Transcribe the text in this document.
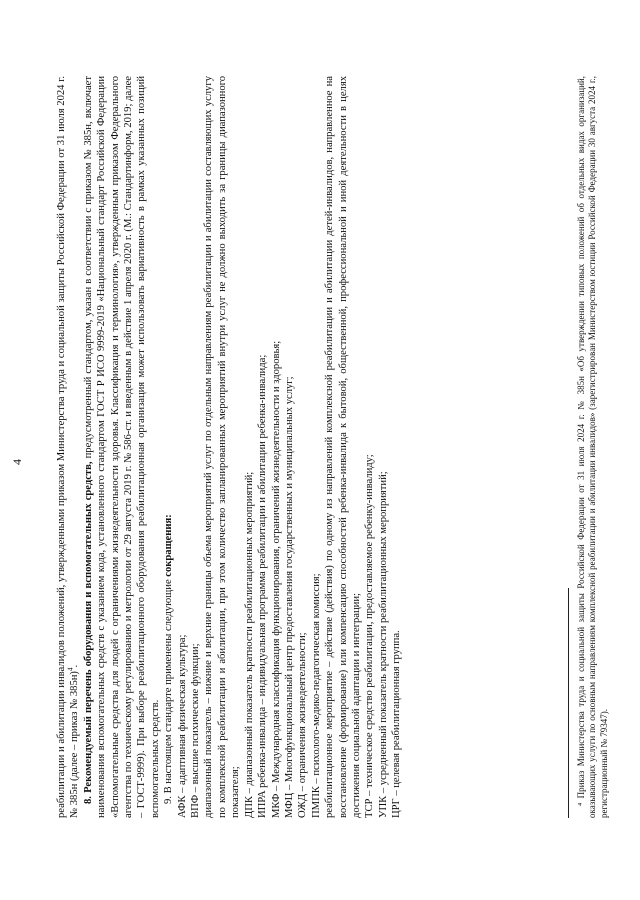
4	реабилитации и абилитации инвалидов положений, утвержденными приказом Министерства труда и социальной защиты Российской Федерации от 31 июля 2024 г. № 385н (далее – приказ № 385н)$^4$. 8. Рекомендуемый перечень оборудования и вспомогательных средств, предусмотренный стандартом, указан в соответствии с приказом № 385н, включает наименования вспомогательных средств с указанием кода, установленного стандартом ГОСТ Р ИСО 9999-2019 «Национальный стандарт Российской Федерации «Вспомогательные средства для людей с ограничениями жизнедеятельности здоровья. Классификация и терминология», утвержденным приказом Федерального агентства по техническому регулированию и метрологии от 29 августа 2019 г. № 586-ст. и введенным в действие 1 апреля 2020 г. (М.: Стандартинформ, 2019; далее – ГОСТ-9999). При выборе реабилитационного оборудования реабилитационная организация может использовать вариативность в рамках указанных позиций вспомогательных средств. 9. В настоящем стандарте применены следующие сокращения:

АФК – адаптивная физическая культура; ВПФ – высшие психические функции; диапазонный показатель – нижние и верхние границы объема мероприятий услуг по отдельным направлениям реабилитации и абилитации составляющих услугу по комплексной реабилитации и абилитации, при этом количество запланированных мероприятий внутри услуг не должно выходить за границы диапазонного показателя; ДПК – диапазонный показатель кратности реабилитационных мероприятий; ИПРА ребенка-инвалида – индивидуальная программа реабилитации и абилитации ребенка-инвалида; МКФ – Международная классификация функционирования, ограничений жизнедеятельности и здоровья; МФЦ – Многофункциональный центр предоставления государственных и муниципальных услуг; ОЖД – ограничения жизнедеятельности; ПМПК – психолого-медико-педагогическая комиссия; реабилитационное мероприятие – действие (действия) по одному из направлений комплексной реабилитации и абилитации детей-инвалидов, направленное на восстановление (формирование) или компенсацию способностей ребенка-инвалида к бытовой, общественной, профессиональной и иной деятельности в целях достижения социальной адаптации и интеграции; ТСР – техническое средство реабилитации, предоставляемое ребенку-инвалиду; УПК – усредненный показатель кратности реабилитационных мероприятий; ЦРГ – целевая реабилитационная группа.	⁴ Приказ Министерства труда и социальной защиты Российской Федерации от 31 июля 2024 г. № 385н «Об утверждении типовых положений об отдельных видах организаций, оказывающих услуги по основным направлениям комплексной реабилитации и абилитации инвалидов» (зарегистрирован Министерством юстиции Российской Федерации 30 августа 2024 г., регистрационный № 79347).
